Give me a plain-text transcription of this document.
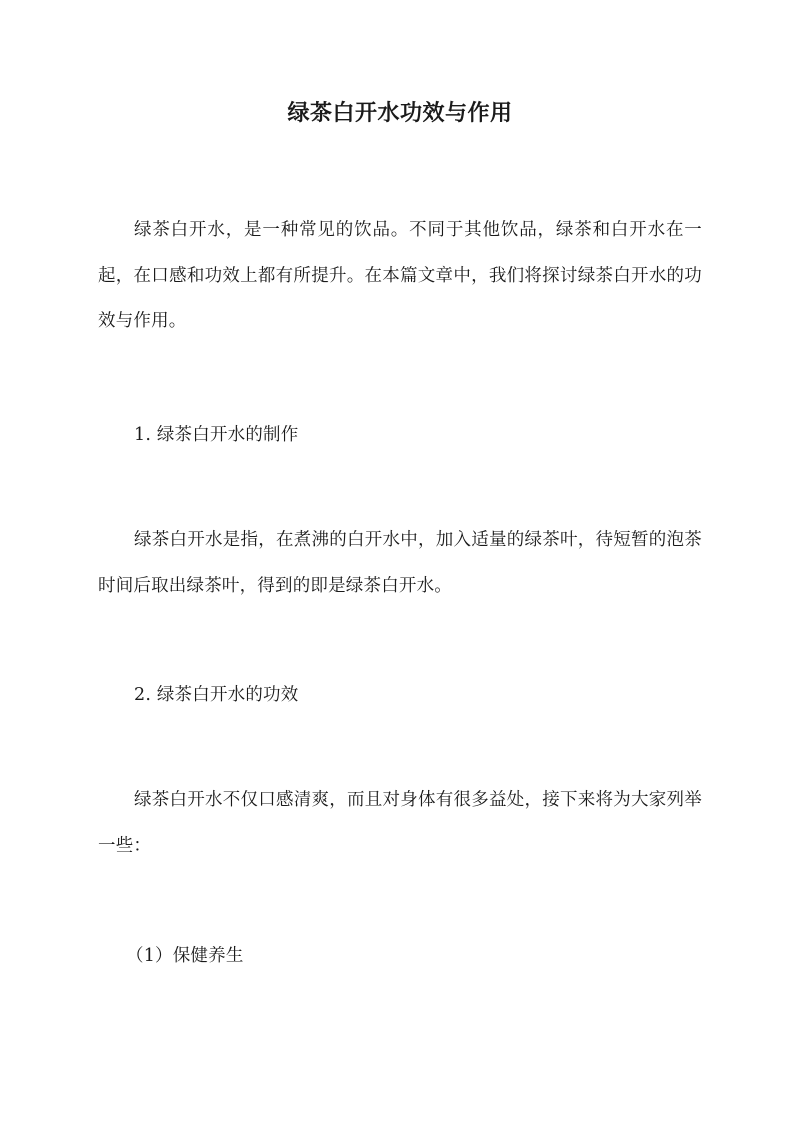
绿茶白开水功效与作用
绿茶白开水，是一种常见的饮品。不同于其他饮品，绿茶和白开水在一起，在口感和功效上都有所提升。在本篇文章中，我们将探讨绿茶白开水的功效与作用。
1. 绿茶白开水的制作
绿茶白开水是指，在煮沸的白开水中，加入适量的绿茶叶，待短暂的泡茶时间后取出绿茶叶，得到的即是绿茶白开水。
2. 绿茶白开水的功效
绿茶白开水不仅口感清爽，而且对身体有很多益处，接下来将为大家列举一些：
（1）保健养生
